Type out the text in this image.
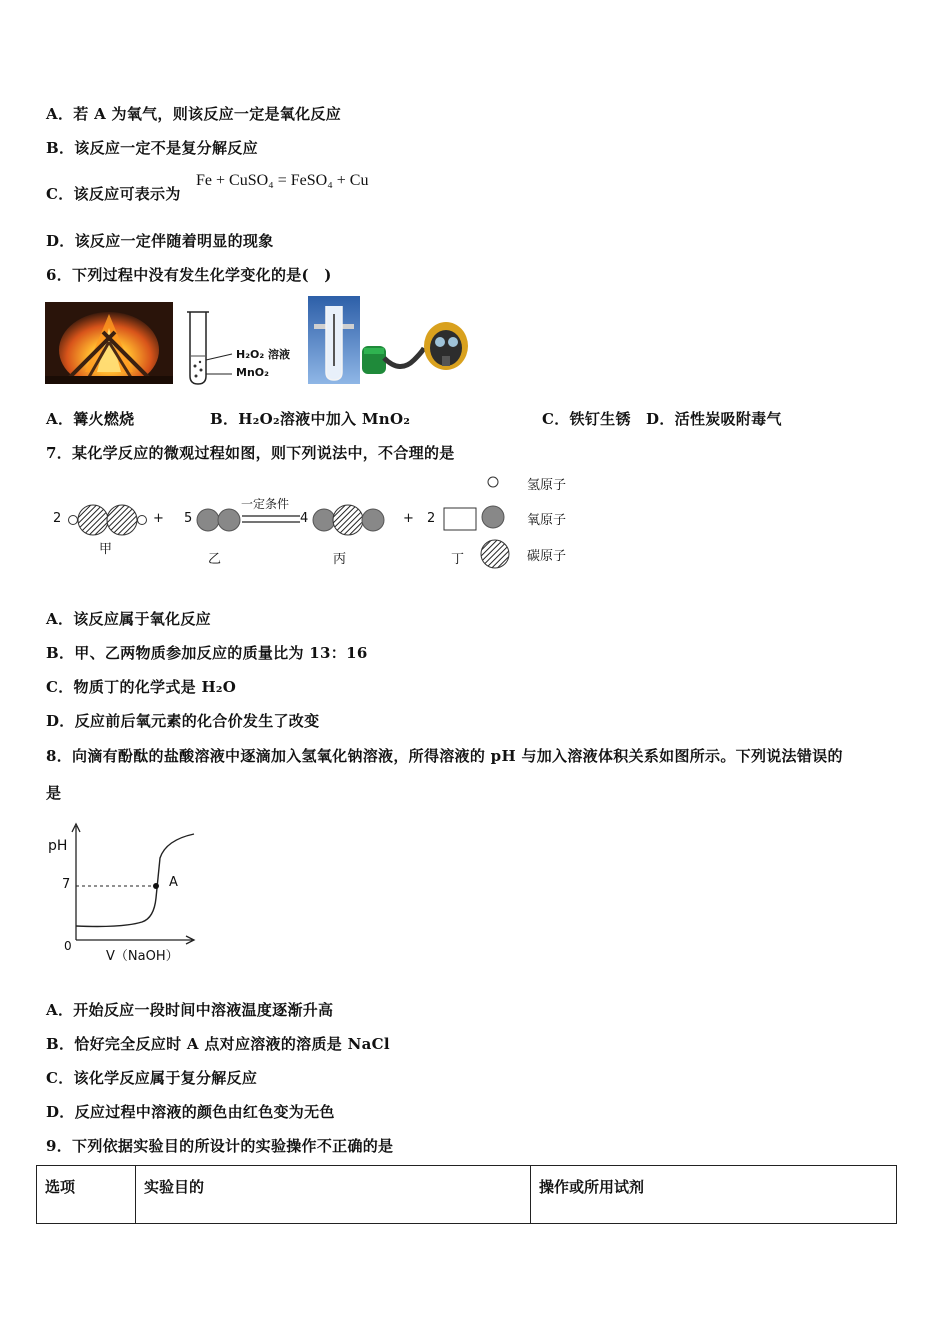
A．若 A 为氧气，则该反应一定是氧化反应
B．该反应一定不是复分解反应
C．该反应可表示为
Fe + CuSO₄ = FeSO₄ + Cu
D．该反应一定伴随着明显的现象
6．下列过程中没有发生化学变化的是(　)
H₂O₂ 溶液
MnO₂
A．篝火燃烧	B．H₂O₂溶液中加入 MnO₂	C．铁钉生锈　D．活性炭吸附毒气
7．某化学反应的微观过程如图，则下列说法中，不合理的是
2	+ 5
一定条件
4	+ 2
甲
乙	丙	丁
氢原子
氧原子
碳原子
A．该反应属于氧化反应
B．甲、乙两物质参加反应的质量比为 13：16
C．物质丁的化学式是 H₂O
D．反应前后氧元素的化合价发生了改变
8．向滴有酚酞的盐酸溶液中逐滴加入氢氧化钠溶液，所得溶液的 pH 与加入溶液体积关系如图所示。下列说法错误的
是
pH
7	A
0
V（NaOH）
A．开始反应一段时间中溶液温度逐渐升高
B．恰好完全反应时 A 点对应溶液的溶质是 NaCl
C．该化学反应属于复分解反应
D．反应过程中溶液的颜色由红色变为无色
9．下列依据实验目的所设计的实验操作不正确的是
选项	实验目的	操作或所用试剂
